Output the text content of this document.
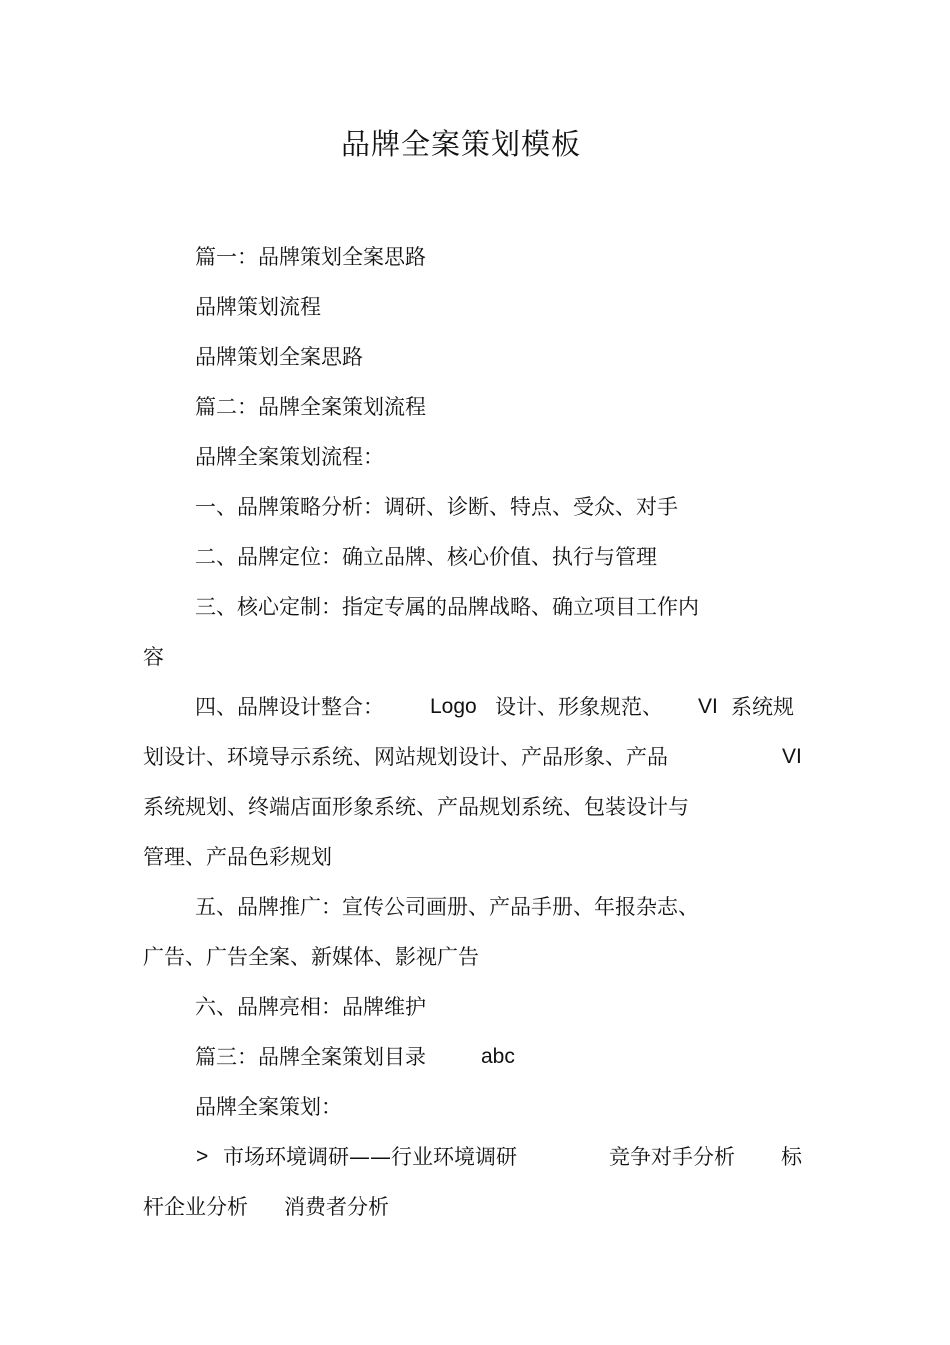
品牌全案策划模板

篇一：品牌策划全案思路

品牌策划流程

品牌策划全案思路

篇二：品牌全案策划流程

品牌全案策划流程：

一、品牌策略分析：调研、诊断、特点、受众、对手

二、品牌定位：确立品牌、核心价值、执行与管理

三、核心定制：指定专属的品牌战略、确立项目工作内

容

四、品牌设计整合： Logo 设计、形象规范、 VI 系统规

划设计、环境导示系统、网站规划设计、产品形象、产品	VI

系统规划、终端店面形象系统、产品规划系统、包装设计与

管理、产品色彩规划

五、品牌推广：宣传公司画册、产品手册、年报杂志、

广告、广告全案、新媒体、影视广告

六、品牌亮相：品牌维护

篇三：品牌全案策划目录	abc

品牌全案策划：

> 市场环境调研——行业环境调研	竞争对手分析 标

杆企业分析 消费者分析
